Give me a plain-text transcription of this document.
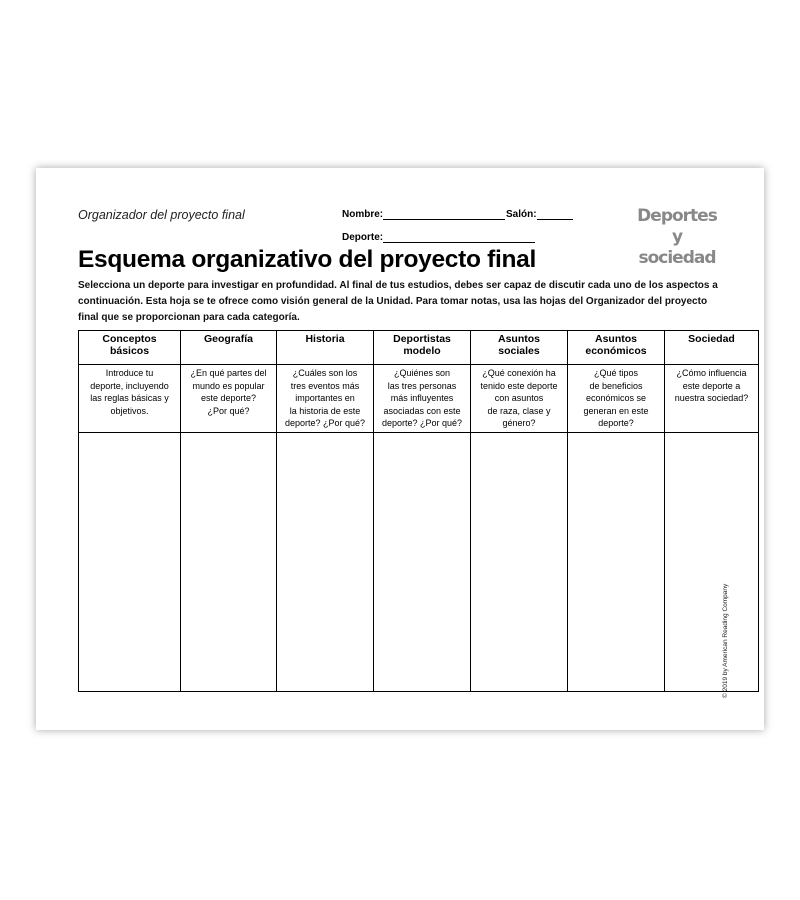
Organizador del proyecto final	Nombre:	Salón:
Deporte:
Deportes y
sociedad
Esquema organizativo del proyecto final
Selecciona un deporte para investigar en profundidad. Al final de tus estudios, debes ser capaz de discutir cada uno de los aspectos a continuación. Esta hoja se te ofrece como visión general de la Unidad. Para tomar notas, usa las hojas del Organizador del proyecto final que se proporcionan para cada categoría.
Conceptos
básicos	Geografía	Historia	Deportistas
modelo	Asuntos
sociales	Asuntos
económicos	Sociedad
Introduce tu
deporte, incluyendo
las reglas básicas y
objetivos.	¿En qué partes del
mundo es popular
este deporte?
¿Por qué?	¿Cuáles son los
tres eventos más
importantes en
la historia de este
deporte? ¿Por qué?	¿Quiénes son
las tres personas
más influyentes
asociadas con este
deporte? ¿Por qué?	¿Qué conexión ha
tenido este deporte
con asuntos
de raza, clase y
género?	¿Qué tipos
de beneficios
económicos se
generan en este
deporte?	¿Cómo influencia
este deporte a
nuestra sociedad?

© 2019 by American Reading Company
